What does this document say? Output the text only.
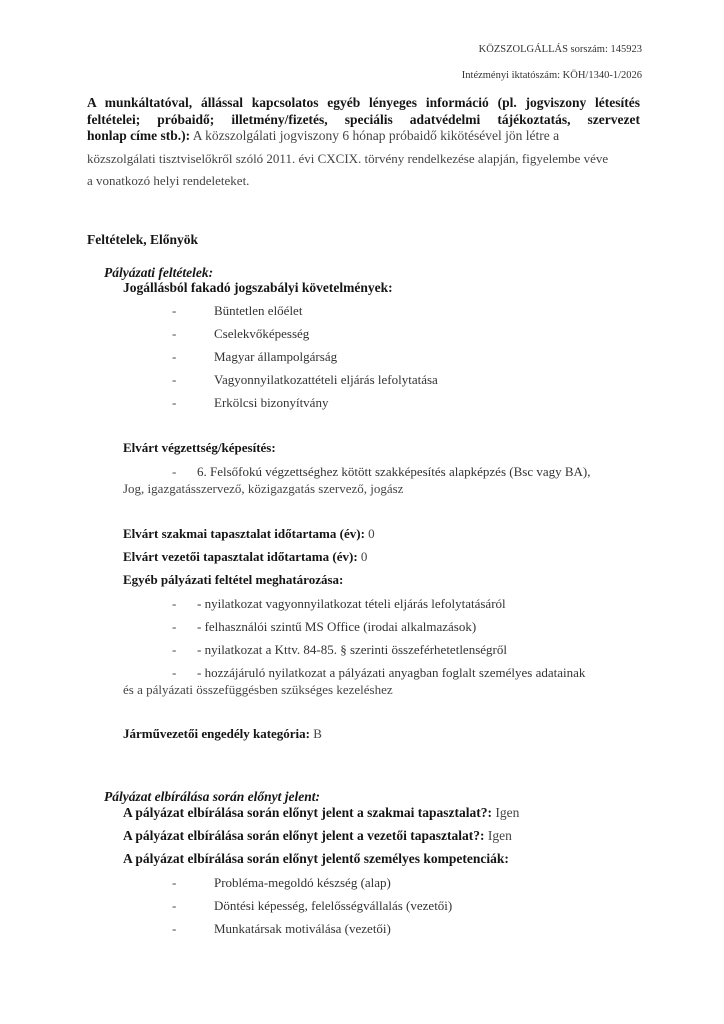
KÖZSZOLGÁLLÁS sorszám: 145923
Intézményi iktatószám: KÖH/1340-1/2026
A munkáltatóval, állással kapcsolatos egyéb lényeges információ (pl. jogviszony létesítés
feltételei; próbaidő; illetmény/fizetés, speciális adatvédelmi tájékoztatás, szervezet
honlap címe stb.): A közszolgálati jogviszony 6 hónap próbaidő kikötésével jön létre a
közszolgálati tisztviselőkről szóló 2011. évi CXCIX. törvény rendelkezése alapján, figyelembe véve
a vonatkozó helyi rendeleteket.
Feltételek, Előnyök
Pályázati feltételek:
Jogállásból fakadó jogszabályi követelmények:
-	Büntetlen előélet
-	Cselekvőképesség
-	Magyar állampolgárság
-	Vagyonnyilatkozattételi eljárás lefolytatása
-	Erkölcsi bizonyítvány
Elvárt végzettség/képesítés:
- 6. Felsőfokú végzettséghez kötött szakképesítés alapképzés (Bsc vagy BA),
Jog, igazgatásszervező, közigazgatás szervező, jogász
Elvárt szakmai tapasztalat időtartama (év): 0
Elvárt vezetői tapasztalat időtartama (év): 0
Egyéb pályázati feltétel meghatározása:
- - nyilatkozat vagyonnyilatkozat tételi eljárás lefolytatásáról
- - felhasználói szintű MS Office (irodai alkalmazások)
- - nyilatkozat a Kttv. 84-85. § szerinti összeférhetetlenségről
- - hozzájáruló nyilatkozat a pályázati anyagban foglalt személyes adatainak
és a pályázati összefüggésben szükséges kezeléshez
Járművezetői engedély kategória: B
Pályázat elbírálása során előnyt jelent:
A pályázat elbírálása során előnyt jelent a szakmai tapasztalat?: Igen
A pályázat elbírálása során előnyt jelent a vezetői tapasztalat?: Igen
A pályázat elbírálása során előnyt jelentő személyes kompetenciák:
-	Probléma-megoldó készség (alap)
-	Döntési képesség, felelősségvállalás (vezetői)
-	Munkatársak motiválása (vezetői)
